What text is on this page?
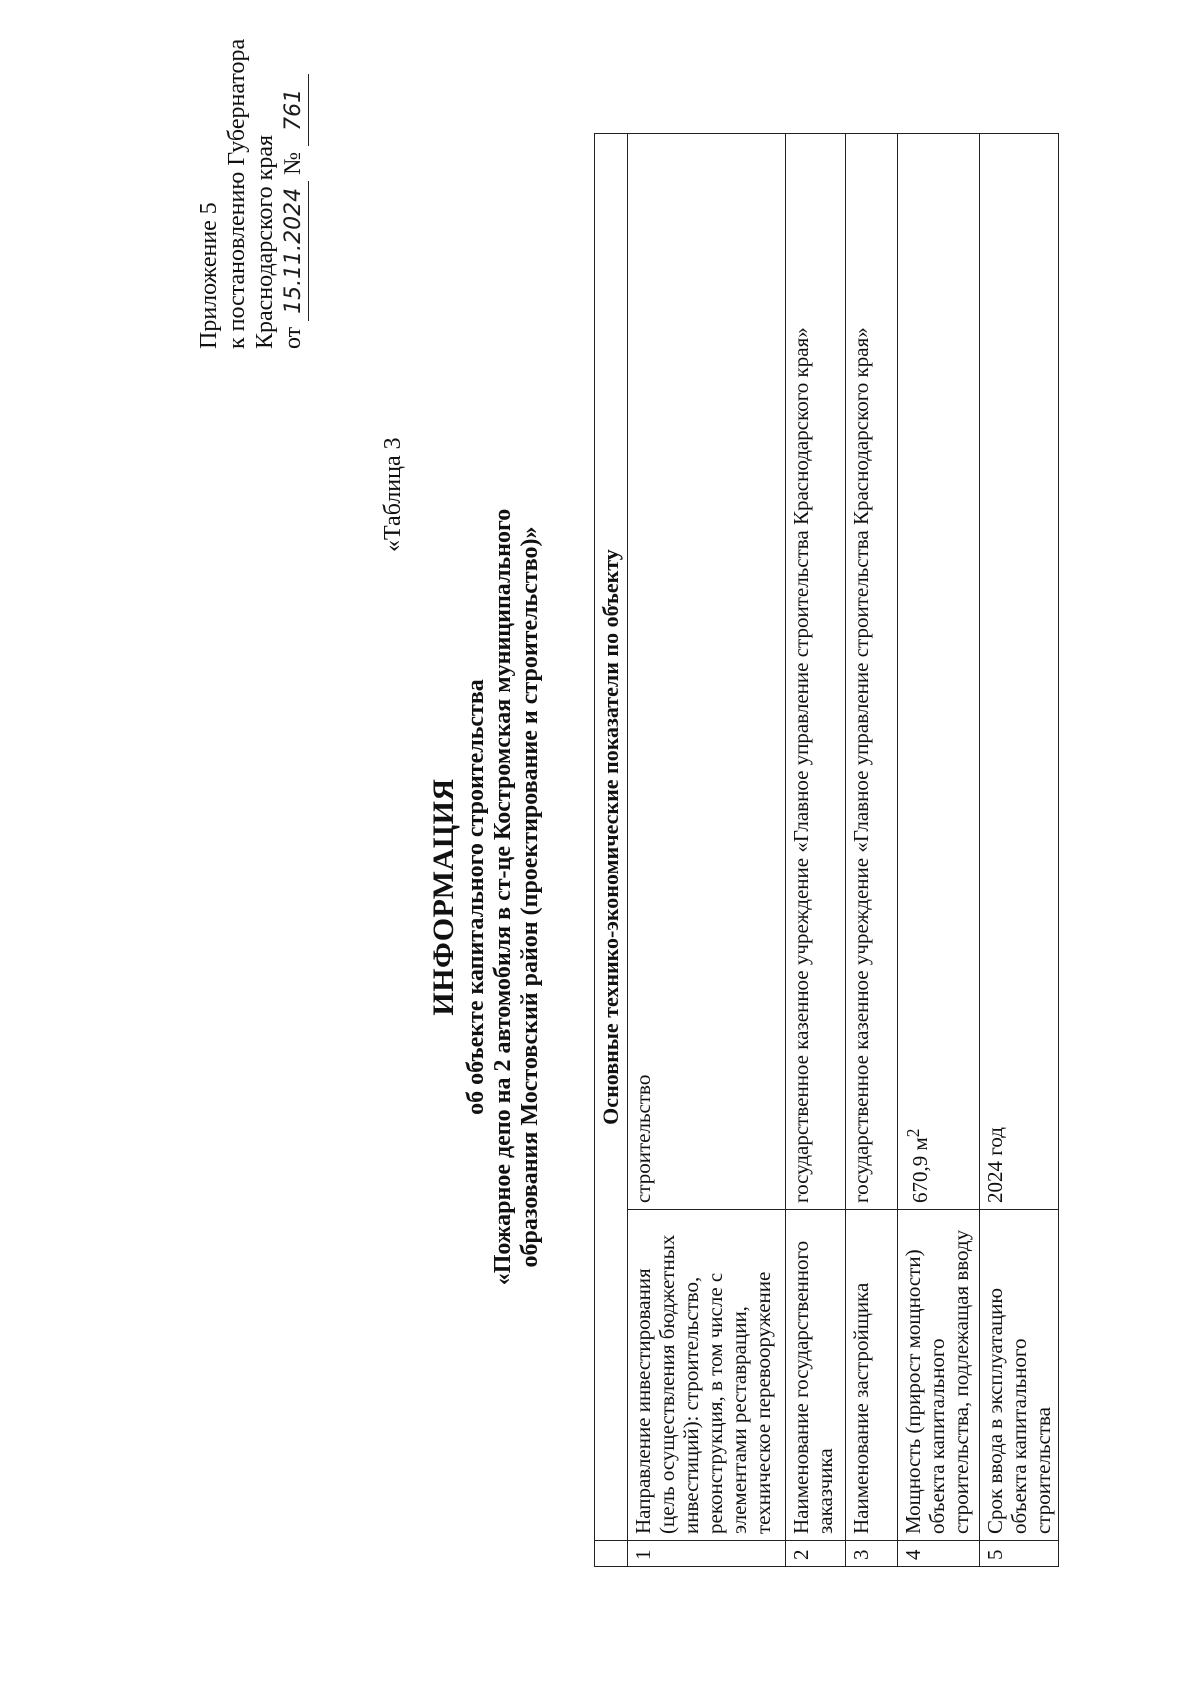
Приложение 5 к постановлению Губернатора Краснодарского края от 15.11.2024 № 761
«Таблица 3
ИНФОРМАЦИЯ об объекте капитального строительства «Пожарное депо на 2 автомобиля в ст-це Костромская муниципального образования Мостовский район (проектирование и строительство)»
		Основные технико-экономические показатели по объекту	
1	Направление инвестирования (цель осуществления бюджетных инвестиций): строительство, реконструкция, в том числе с элементами реставрации, техническое перевооружение	строительство
2	Наименование государственного заказчика	государственное казенное учреждение «Главное управление строительства Краснодарского края»
3	Наименование застройщика	государственное казенное учреждение «Главное управление строительства Краснодарского края»
4	Мощность (прирост мощности) объекта капитального строительства, подлежащая вводу	670,9 $м^2$
5	Срок ввода в эксплуатацию объекта капитального строительства	2024 год
